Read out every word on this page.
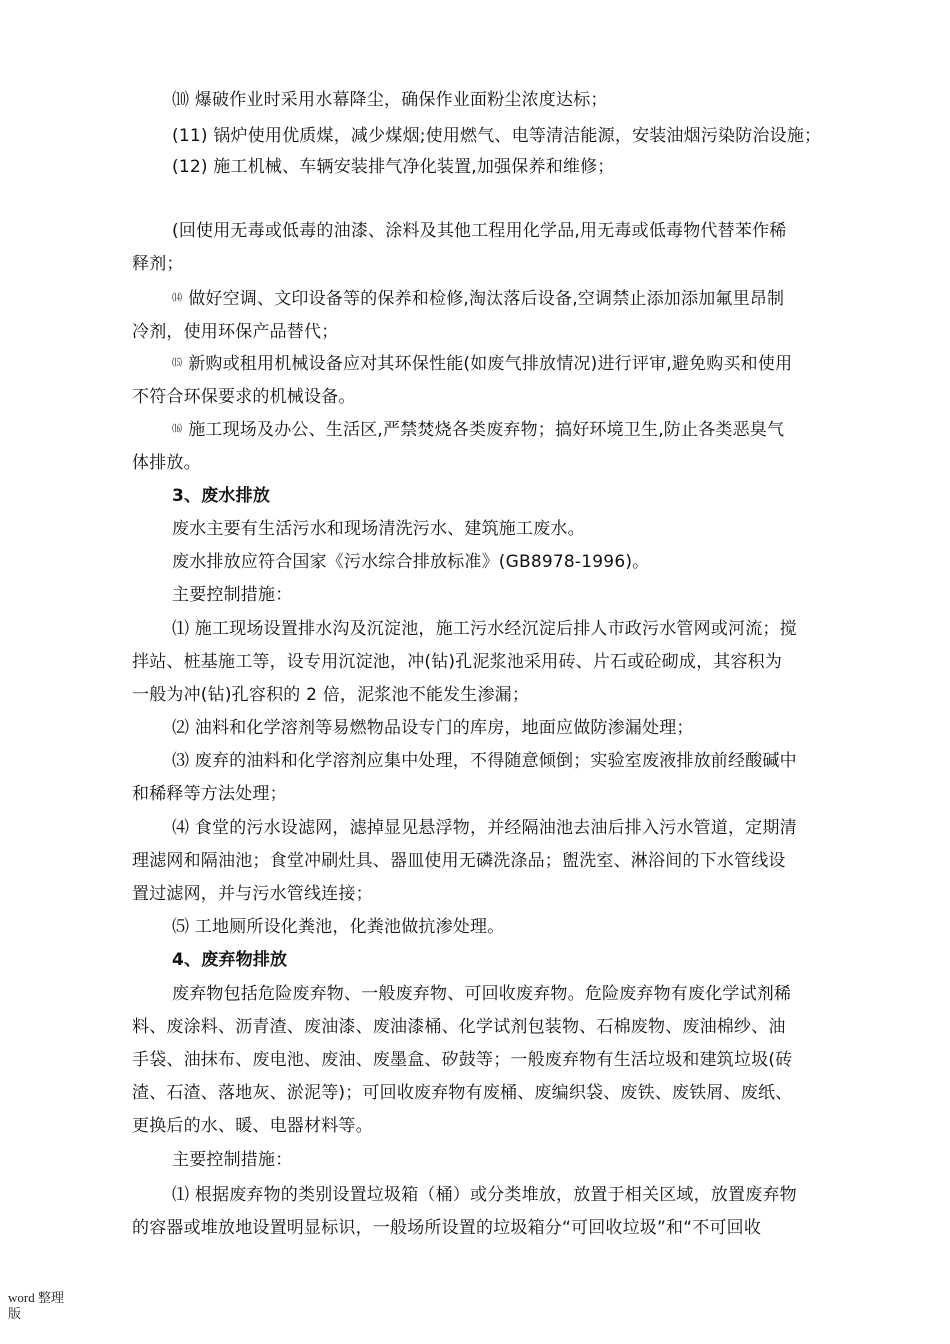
⑽ 爆破作业时采用水幕降尘，确保作业面粉尘浓度达标；
(11) 锅炉使用优质煤，减少煤烟;使用燃气、电等清洁能源，安装油烟污染防治设施；
(12) 施工机械、车辆安装排气净化装置,加强保养和维修；
(回使用无毒或低毒的油漆、涂料及其他工程用化学品,用无毒或低毒物代替苯作稀
释剂；
⒁ 做好空调、文印设备等的保养和检修,淘汰落后设备,空调禁止添加添加氟里昂制
冷剂，使用环保产品替代；
⒂ 新购或租用机械设备应对其环保性能(如废气排放情况)进行评审,避免购买和使用
不符合环保要求的机械设备。
⒃ 施工现场及办公、生活区,严禁焚烧各类废弃物；搞好环境卫生,防止各类恶臭气
体排放。
3、废水排放
废水主要有生活污水和现场清洗污水、建筑施工废水。
废水排放应符合国家《污水综合排放标准》(GB8978-1996)。
主要控制措施：
⑴ 施工现场设置排水沟及沉淀池，施工污水经沉淀后排人市政污水管网或河流；搅
拌站、桩基施工等，设专用沉淀池，冲(钻)孔泥浆池采用砖、片石或砼砌成，其容积为
一般为冲(钻)孔容积的 2 倍，泥浆池不能发生渗漏；
⑵ 油料和化学溶剂等易燃物品设专门的库房，地面应做防渗漏处理；
⑶ 废弃的油料和化学溶剂应集中处理，不得随意倾倒；实验室废液排放前经酸碱中
和稀释等方法处理；
⑷ 食堂的污水设滤网，滤掉显见悬浮物，并经隔油池去油后排入污水管道，定期清
理滤网和隔油池；食堂冲刷灶具、器皿使用无磷洗涤品；盥洗室、淋浴间的下水管线设
置过滤网，并与污水管线连接；
⑸ 工地厕所设化粪池，化粪池做抗渗处理。
4、废弃物排放
废弃物包括危险废弃物、一般废弃物、可回收废弃物。危险废弃物有废化学试剂稀
料、废涂料、沥青渣、废油漆、废油漆桶、化学试剂包装物、石棉废物、废油棉纱、油
手袋、油抹布、废电池、废油、废墨盒、矽鼓等；一般废弃物有生活垃圾和建筑垃圾(砖
渣、石渣、落地灰、淤泥等)；可回收废弃物有废桶、废编织袋、废铁、废铁屑、废纸、
更换后的水、暖、电器材料等。
主要控制措施：
⑴ 根据废弃物的类别设置垃圾箱（桶）或分类堆放，放置于相关区域，放置废弃物
的容器或堆放地设置明显标识，一般场所设置的垃圾箱分“可回收垃圾”和“不可回收
word 整理
版
